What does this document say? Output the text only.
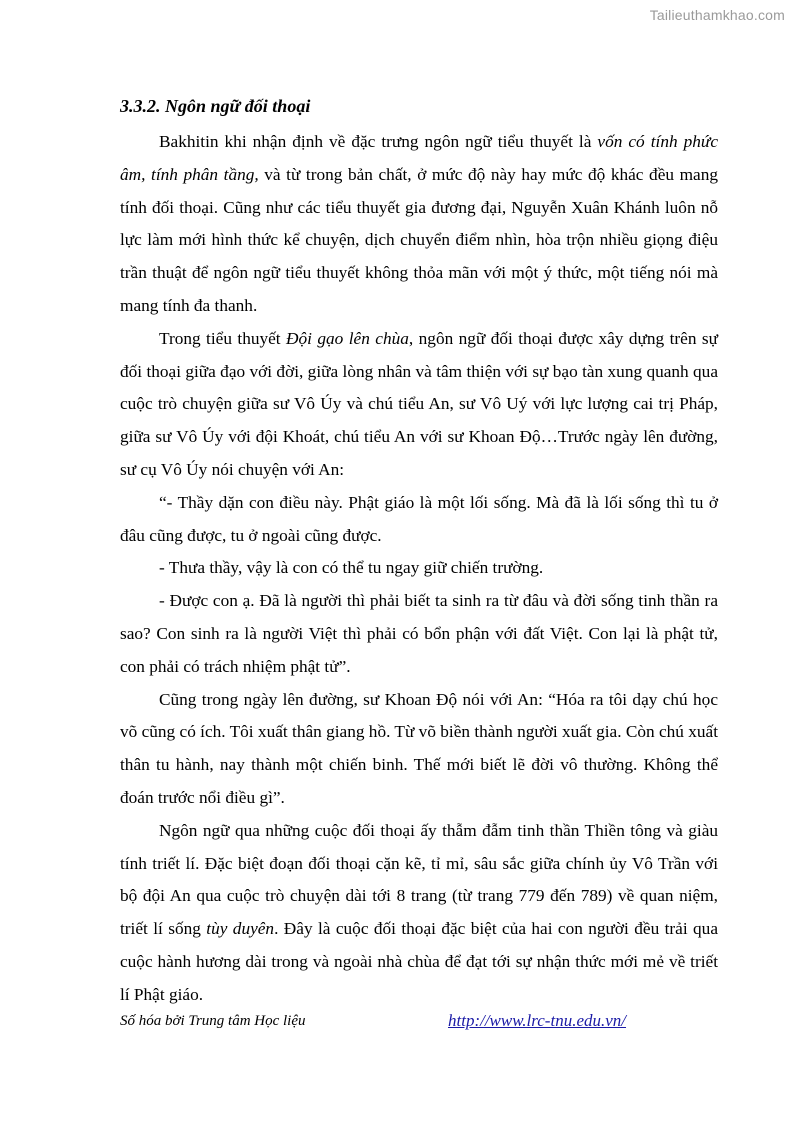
Tailieuthamkhao.com
3.3.2. Ngôn ngữ đối thoại

Bakhitin khi nhận định về đặc trưng ngôn ngữ tiểu thuyết là vốn có tính phức âm, tính phân tầng, và từ trong bản chất, ở mức độ này hay mức độ khác đều mang tính đối thoại. Cũng như các tiểu thuyết gia đương đại, Nguyễn Xuân Khánh luôn nỗ lực làm mới hình thức kể chuyện, dịch chuyển điểm nhìn, hòa trộn nhiều giọng điệu trần thuật để ngôn ngữ tiểu thuyết không thỏa mãn với một ý thức, một tiếng nói mà mang tính đa thanh.

Trong tiểu thuyết Đội gạo lên chùa, ngôn ngữ đối thoại được xây dựng trên sự đối thoại giữa đạo với đời, giữa lòng nhân và tâm thiện với sự bạo tàn xung quanh qua cuộc trò chuyện giữa sư Vô Úy và chú tiểu An, sư Vô Uý với lực lượng cai trị Pháp, giữa sư Vô Úy với đội Khoát, chú tiểu An với sư Khoan Độ…Trước ngày lên đường, sư cụ Vô Úy nói chuyện với An:

“- Thầy dặn con điều này. Phật giáo là một lối sống. Mà đã là lối sống thì tu ở đâu cũng được, tu ở ngoài cũng được.

- Thưa thầy, vậy là con có thể tu ngay giữ chiến trường.

- Được con ạ. Đã là người thì phải biết ta sinh ra từ đâu và đời sống tinh thần ra sao? Con sinh ra là người Việt thì phải có bổn phận với đất Việt. Con lại là phật tử, con phải có trách nhiệm phật tử”.

Cũng trong ngày lên đường, sư Khoan Độ nói với An: “Hóa ra tôi dạy chú học võ cũng có ích. Tôi xuất thân giang hồ. Từ võ biền thành người xuất gia. Còn chú xuất thân tu hành, nay thành một chiến binh. Thế mới biết lẽ đời vô thường. Không thể đoán trước nổi điều gì”.

Ngôn ngữ qua những cuộc đối thoại ấy thẫm đẫm tinh thần Thiền tông và giàu tính triết lí. Đặc biệt đoạn đối thoại cặn kẽ, tỉ mỉ, sâu sắc giữa chính ủy Vô Trần với bộ đội An qua cuộc trò chuyện dài tới 8 trang (từ trang 779 đến 789) về quan niệm, triết lí sống tùy duyên. Đây là cuộc đối thoại đặc biệt của hai con người đều trải qua cuộc hành hương dài trong và ngoài nhà chùa để đạt tới sự nhận thức mới mẻ về triết lí Phật giáo.

Số hóa bởi Trung tâm Học liệu	http://www.lrc-tnu.edu.vn/
